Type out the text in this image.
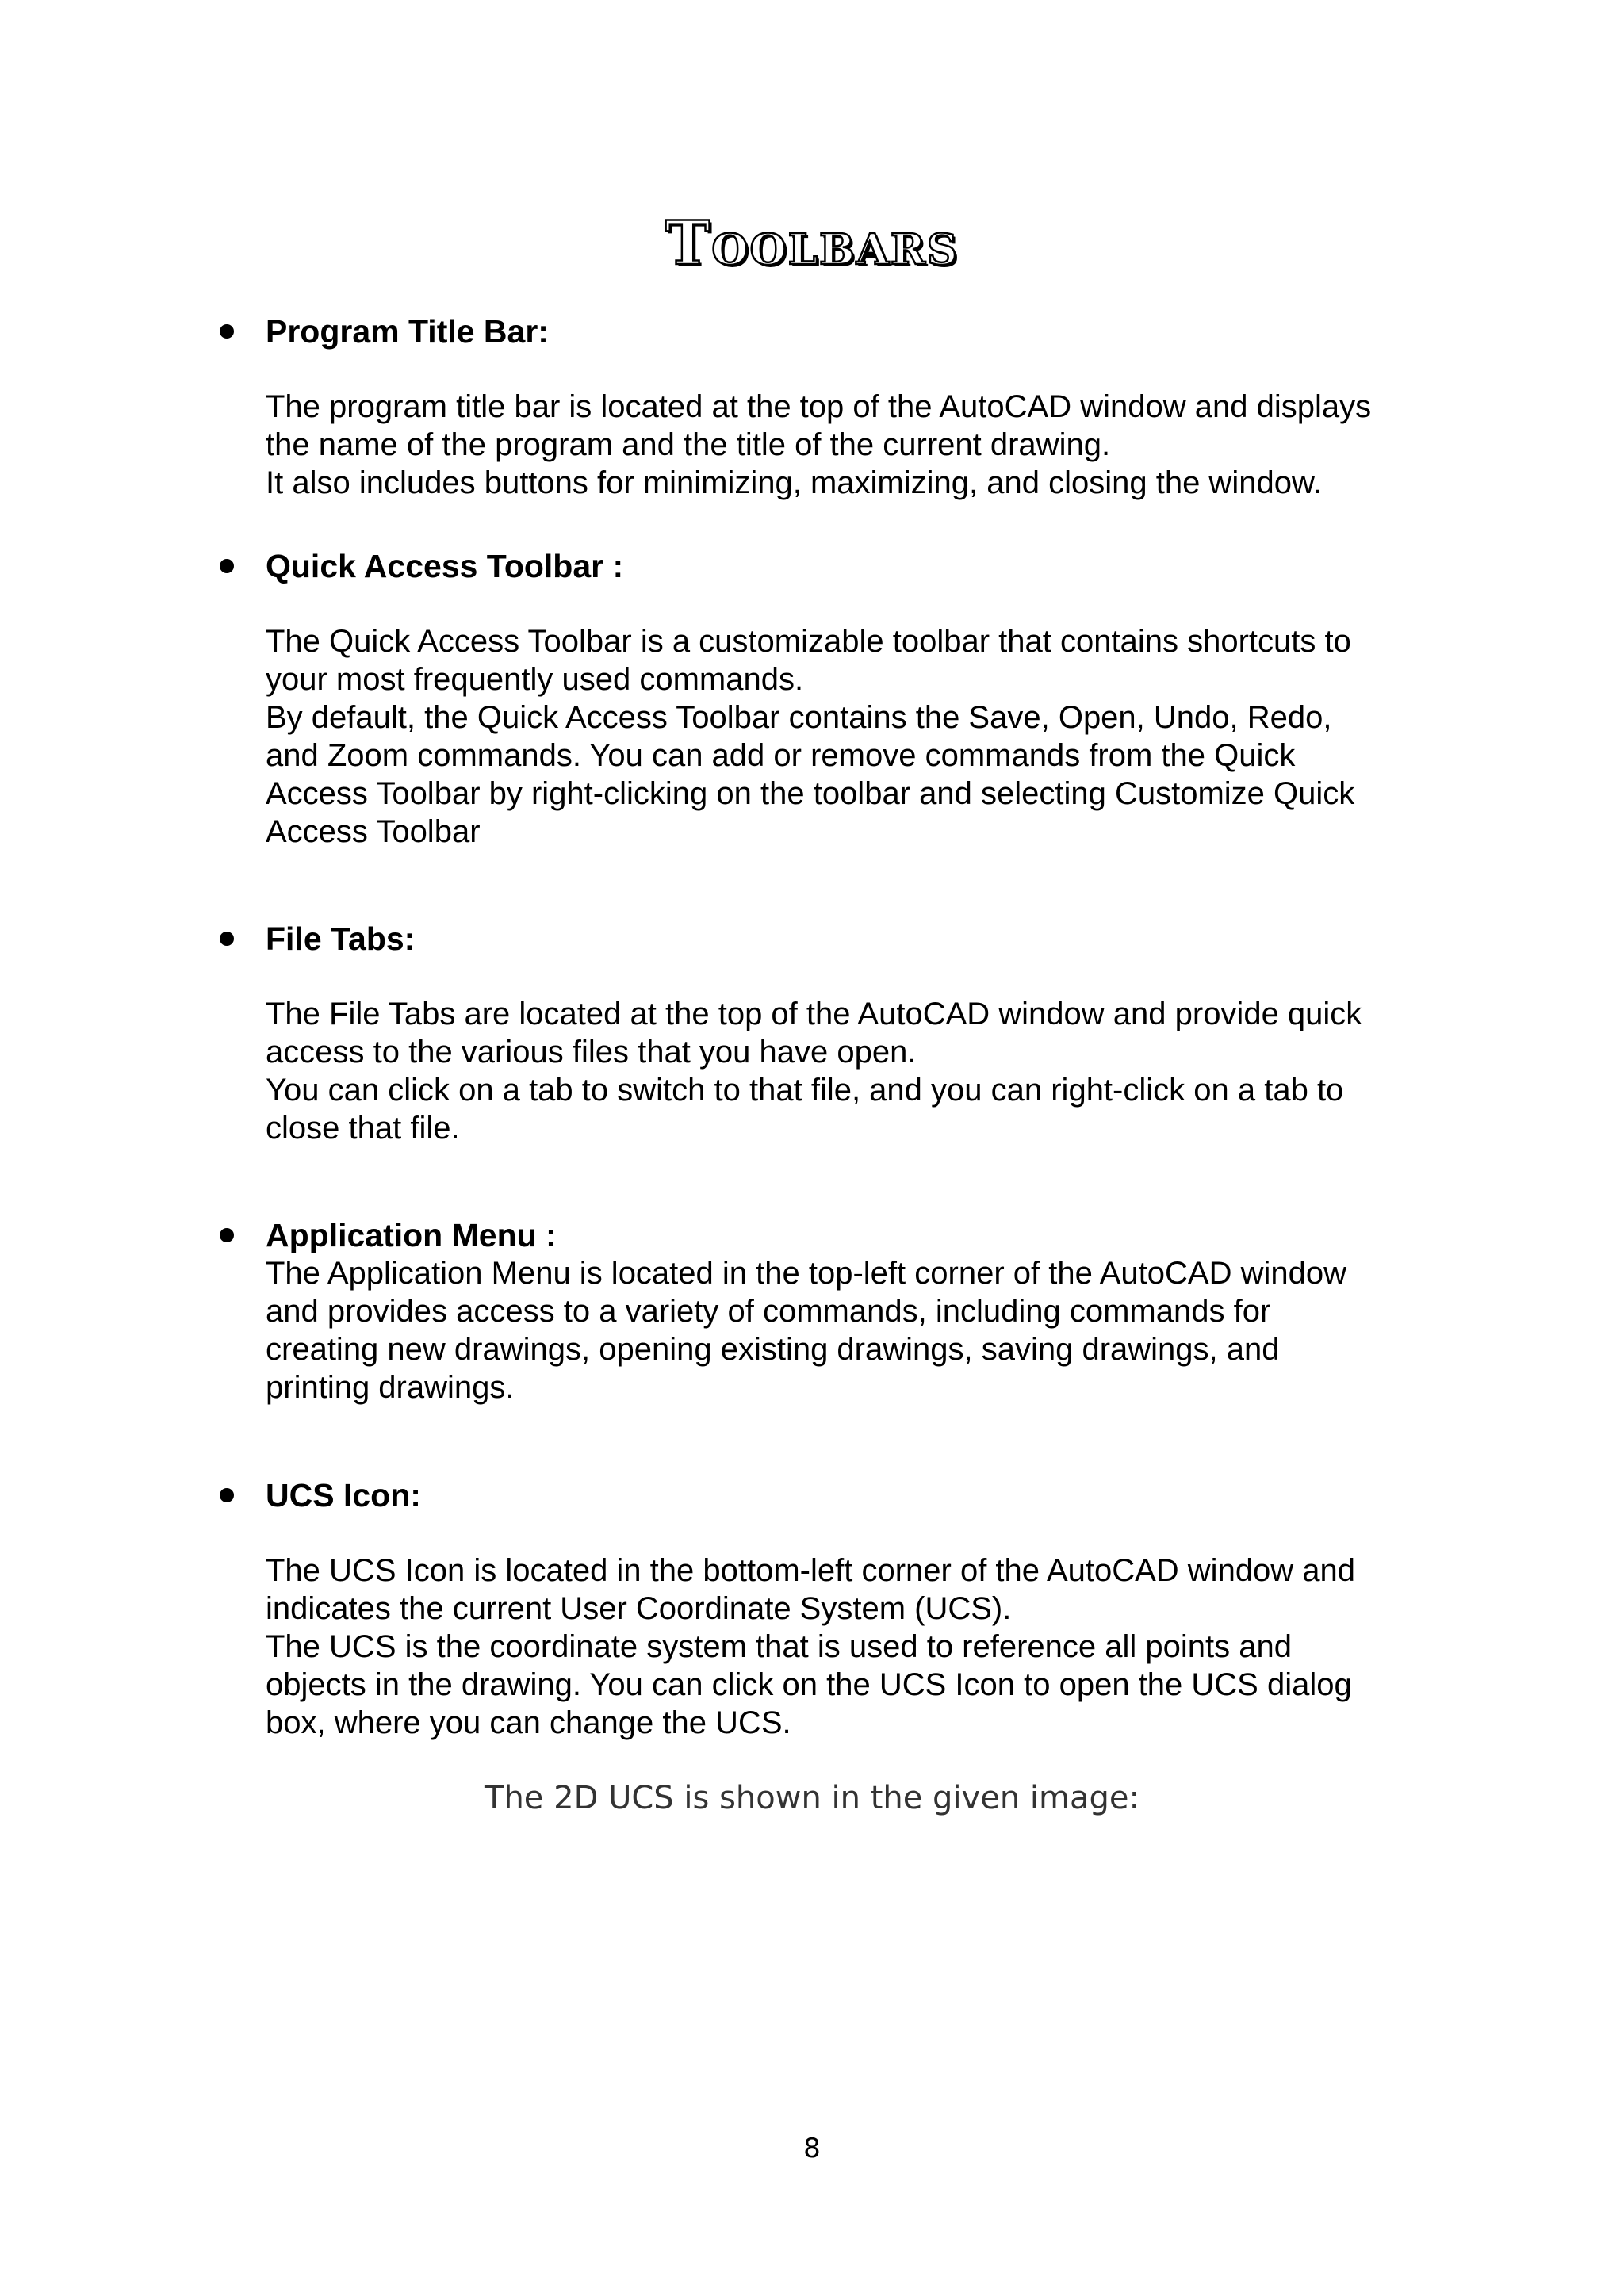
Toolbars

Program Title Bar:

The program title bar is located at the top of the AutoCAD window and displays

the name of the program and the title of the current drawing.

It also includes buttons for minimizing, maximizing, and closing the window.

Quick Access Toolbar :

The Quick Access Toolbar is a customizable toolbar that contains shortcuts to

your most frequently used commands.

By default, the Quick Access Toolbar contains the Save, Open, Undo, Redo,

and Zoom commands. You can add or remove commands from the Quick

Access Toolbar by right-clicking on the toolbar and selecting Customize Quick

Access Toolbar

File Tabs:

The File Tabs are located at the top of the AutoCAD window and provide quick

access to the various files that you have open.

You can click on a tab to switch to that file, and you can right-click on a tab to

close that file.

Application Menu :

The Application Menu is located in the top-left corner of the AutoCAD window

and provides access to a variety of commands, including commands for

creating new drawings, opening existing drawings, saving drawings, and

printing drawings.

UCS Icon:

The UCS Icon is located in the bottom-left corner of the AutoCAD window and

indicates the current User Coordinate System (UCS).

The UCS is the coordinate system that is used to reference all points and

objects in the drawing. You can click on the UCS Icon to open the UCS dialog

box, where you can change the UCS.

The 2D UCS is shown in the given image:

8
